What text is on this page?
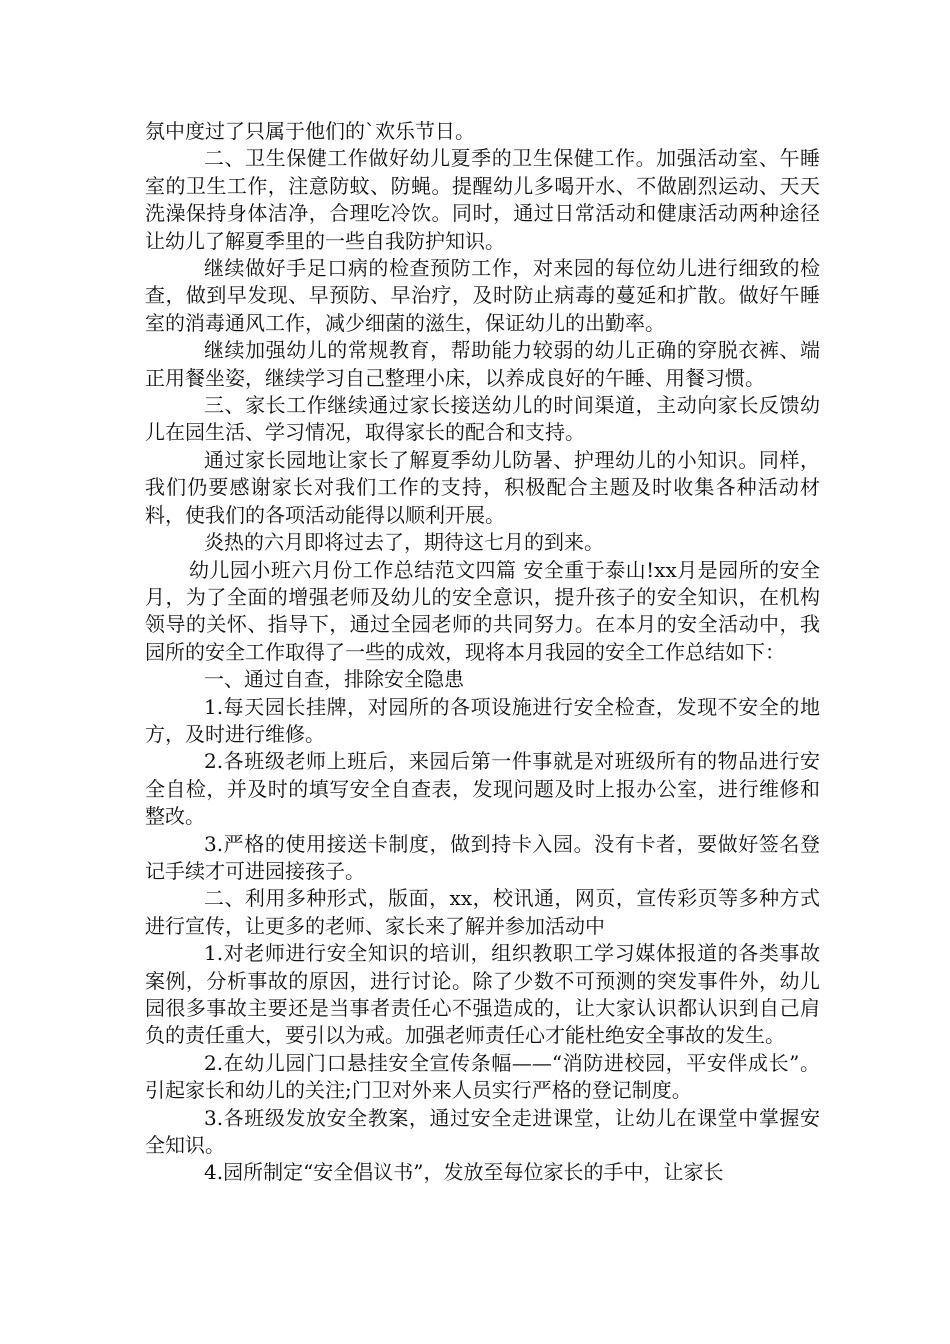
氛中度过了只属于他们的`欢乐节日。

二、卫生保健工作做好幼儿夏季的卫生保健工作。加强活动室、午睡室的卫生工作，注意防蚊、防蝇。提醒幼儿多喝开水、不做剧烈运动、天天洗澡保持身体洁净，合理吃冷饮。同时，通过日常活动和健康活动两种途径让幼儿了解夏季里的一些自我防护知识。

继续做好手足口病的检查预防工作，对来园的每位幼儿进行细致的检查，做到早发现、早预防、早治疗，及时防止病毒的蔓延和扩散。做好午睡室的消毒通风工作，减少细菌的滋生，保证幼儿的出勤率。

继续加强幼儿的常规教育，帮助能力较弱的幼儿正确的穿脱衣裤、端正用餐坐姿，继续学习自己整理小床，以养成良好的午睡、用餐习惯。

三、家长工作继续通过家长接送幼儿的时间渠道，主动向家长反馈幼儿在园生活、学习情况，取得家长的配合和支持。

通过家长园地让家长了解夏季幼儿防暑、护理幼儿的小知识。同样，我们仍要感谢家长对我们工作的支持，积极配合主题及时收集各种活动材料，使我们的各项活动能得以顺利开展。

炎热的六月即将过去了，期待这七月的到来。

幼儿园小班六月份工作总结范文四篇 安全重于泰山!xx月是园所的安全月，为了全面的增强老师及幼儿的安全意识，提升孩子的安全知识，在机构领导的关怀、指导下，通过全园老师的共同努力。在本月的安全活动中，我园所的安全工作取得了一些的成效，现将本月我园的安全工作总结如下：

一、通过自查，排除安全隐患

1.每天园长挂牌，对园所的各项设施进行安全检查，发现不安全的地方，及时进行维修。

2.各班级老师上班后，来园后第一件事就是对班级所有的物品进行安全自检，并及时的填写安全自查表，发现问题及时上报办公室，进行维修和整改。

3.严格的使用接送卡制度，做到持卡入园。没有卡者，要做好签名登记手续才可进园接孩子。

二、利用多种形式，版面，xx，校讯通，网页，宣传彩页等多种方式进行宣传，让更多的老师、家长来了解并参加活动中

1.对老师进行安全知识的培训，组织教职工学习媒体报道的各类事故案例，分析事故的原因，进行讨论。除了少数不可预测的突发事件外，幼儿园很多事故主要还是当事者责任心不强造成的，让大家认识都认识到自己肩负的责任重大，要引以为戒。加强老师责任心才能杜绝安全事故的发生。

2.在幼儿园门口悬挂安全宣传条幅——“消防进校园，平安伴成长”。引起家长和幼儿的关注;门卫对外来人员实行严格的登记制度。

3.各班级发放安全教案，通过安全走进课堂，让幼儿在课堂中掌握安全知识。

4.园所制定“安全倡议书”，发放至每位家长的手中，让家长
